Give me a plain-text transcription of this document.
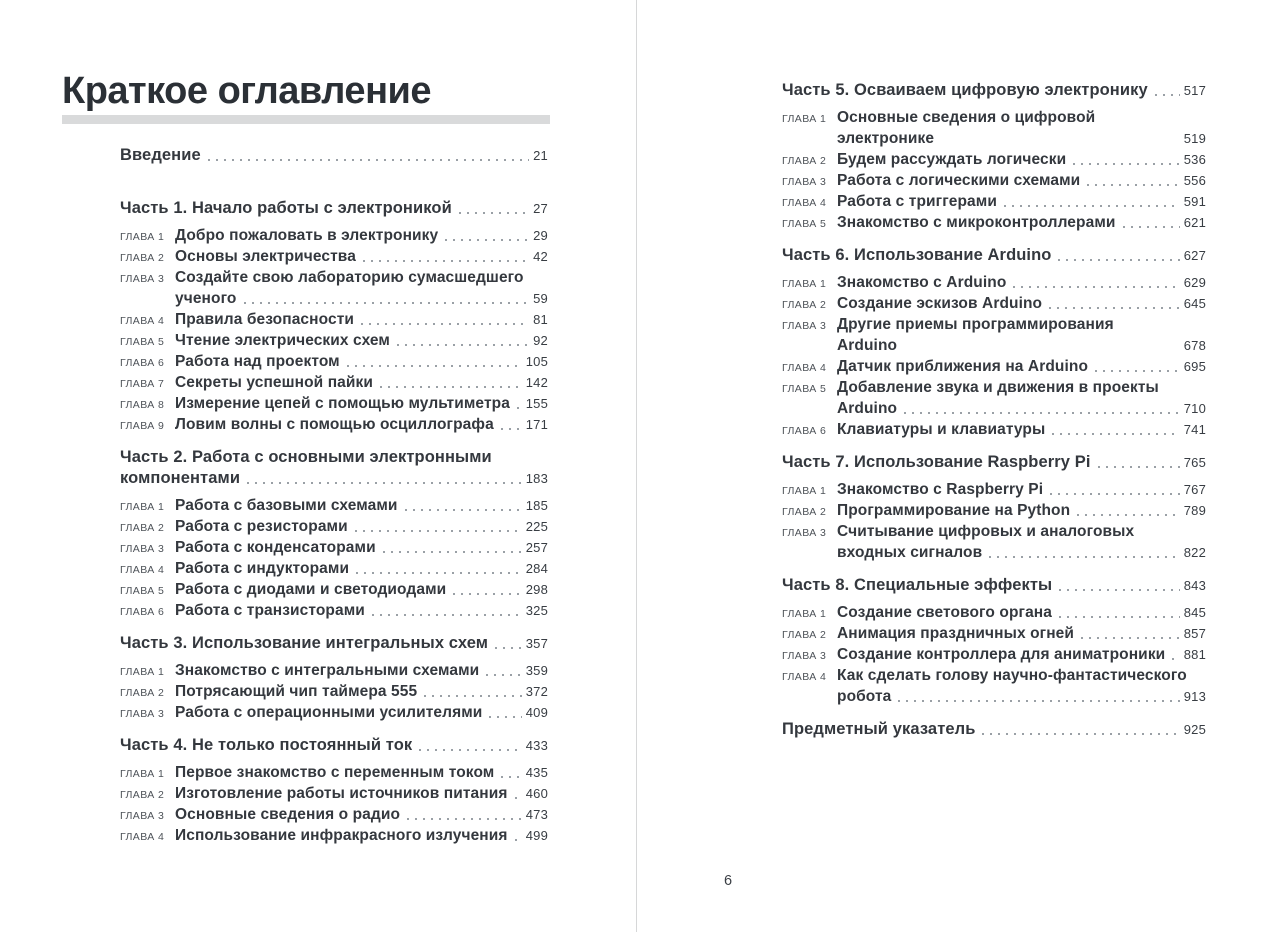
Краткое оглавление
Введение	21
Часть 1. Начало работы с электроникой	27
ГЛАВА 1 Добро пожаловать в электронику	29
ГЛАВА 2 Основы электричества	42
ГЛАВА 3 Создайте свою лабораторию сумасшедшего
ученого	59
ГЛАВА 4 Правила безопасности	81
ГЛАВА 5 Чтение электрических схем	92
ГЛАВА 6 Работа над проектом	105
ГЛАВА 7 Секреты успешной пайки	142
ГЛАВА 8 Измерение цепей с помощью мультиметра 155
ГЛАВА 9 Ловим волны с помощью осциллографа 171
Часть 2. Работа с основными электронными
компонентами	183
ГЛАВА 1 Работа с базовыми схемами	185
ГЛАВА 2 Работа с резисторами	225
ГЛАВА 3 Работа с конденсаторами	257
ГЛАВА 4 Работа с индукторами	284
ГЛАВА 5 Работа с диодами и светодиодами	298
ГЛАВА 6 Работа с транзисторами	325
Часть 3. Использование интегральных схем	357
ГЛАВА 1 Знакомство с интегральными схемами	359
ГЛАВА 2 Потрясающий чип таймера 555	372
ГЛАВА 3 Работа с операционными усилителями	409
Часть 4. Не только постоянный ток	433
ГЛАВА 1 Первое знакомство с переменным током 435
ГЛАВА 2 Изготовление работы источников питания 460
ГЛАВА 3 Основные сведения о радио	473
ГЛАВА 4 Использование инфракрасного излучения 499
Часть 5. Осваиваем цифровую электронику	517
ГЛАВА 1 Основные сведения о цифровой электронике	519
ГЛАВА 2 Будем рассуждать логически	536
ГЛАВА 3 Работа с логическими схемами	556
ГЛАВА 4 Работа с триггерами	591
ГЛАВА 5 Знакомство с микроконтроллерами	621
Часть 6. Использование Arduino	627
ГЛАВА 1 Знакомство с Arduino	629
ГЛАВА 2 Создание эскизов Arduino	645
ГЛАВА 3 Другие приемы программирования Arduino	678
ГЛАВА 4 Датчик приближения на Arduino	695
ГЛАВА 5 Добавление звука и движения в проекты
Arduino	710
ГЛАВА 6 Клавиатуры и клавиатуры	741
Часть 7. Использование Raspberry Pi	765
ГЛАВА 1 Знакомство с Raspberry Pi	767
ГЛАВА 2 Программирование на Python	789
ГЛАВА 3 Считывание цифровых и аналоговых
входных сигналов	822
Часть 8. Специальные эффекты	843
ГЛАВА 1 Создание светового органа	845
ГЛАВА 2 Анимация праздничных огней	857
ГЛАВА 3 Создание контроллера для аниматроники 881
ГЛАВА 4 Как сделать голову научно-фантастического
робота	913
Предметный указатель	925
6
